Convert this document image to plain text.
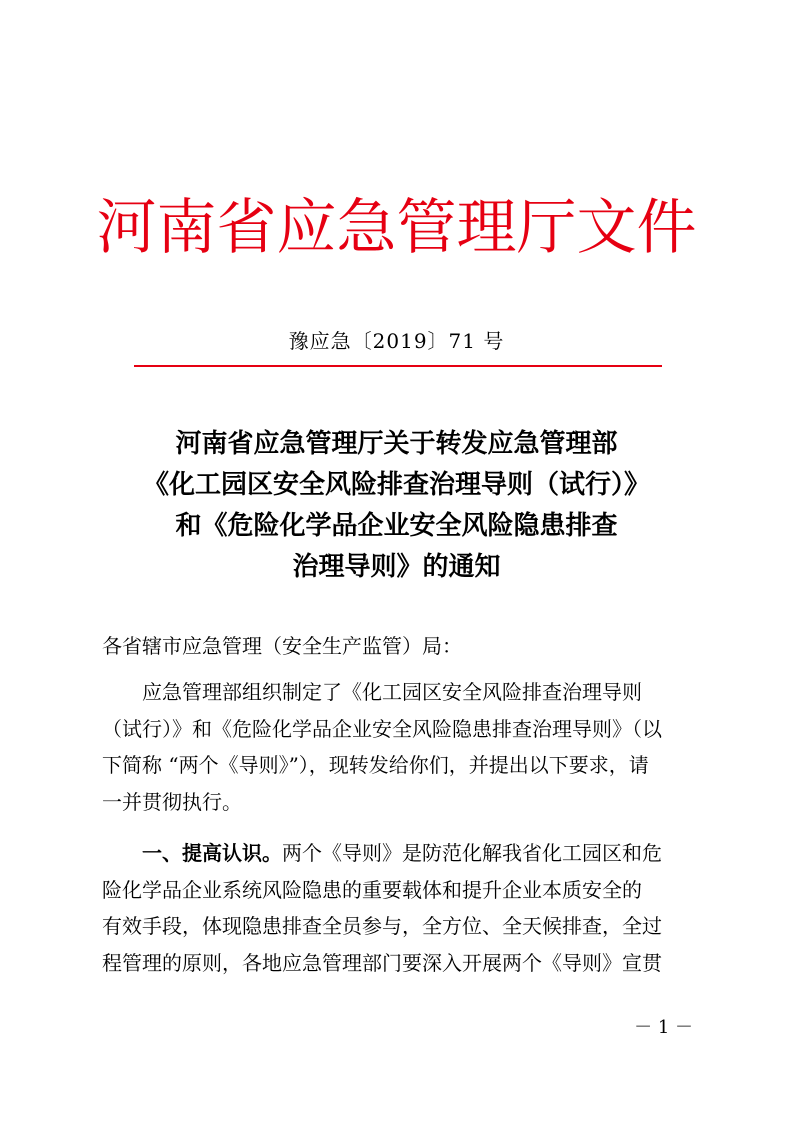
河南省应急管理厅文件
豫应急〔2019〕71 号
河南省应急管理厅关于转发应急管理部
《化工园区安全风险排查治理导则（试行）》
和《危险化学品企业安全风险隐患排查
治理导则》的通知
各省辖市应急管理（安全生产监管）局：
　　应急管理部组织制定了《化工园区安全风险排查治理导则
（试行）》和《危险化学品企业安全风险隐患排查治理导则》（以
下简称 “两个《导则》”），现转发给你们，并提出以下要求，请
一并贯彻执行。
　　一、提高认识。两个《导则》是防范化解我省化工园区和危
险化学品企业系统风险隐患的重要载体和提升企业本质安全的
有效手段，体现隐患排查全员参与，全方位、全天候排查，全过
程管理的原则，各地应急管理部门要深入开展两个《导则》宣贯
－ 1 －
